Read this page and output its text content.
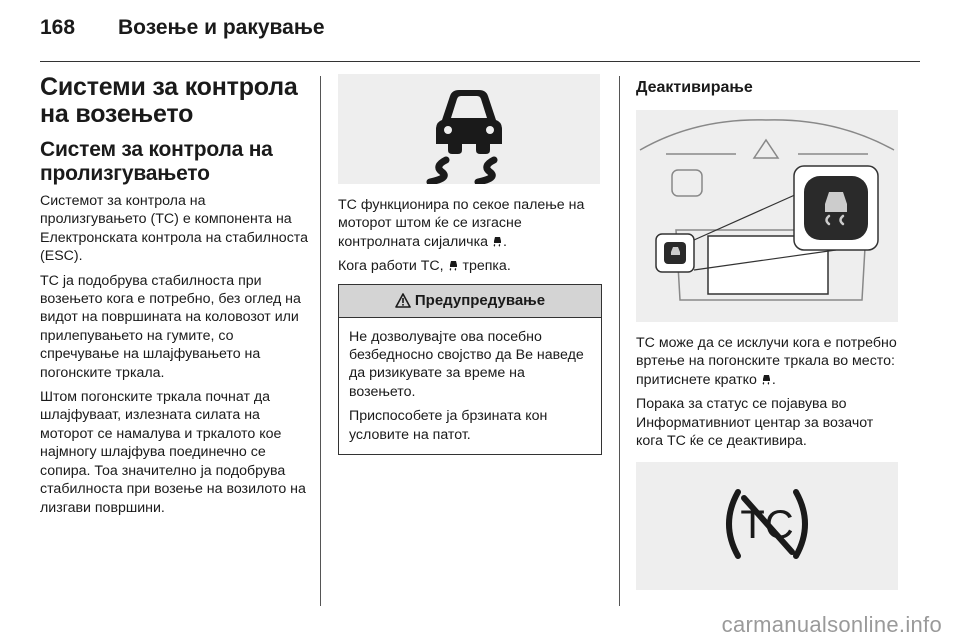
168 Возење и ракување
Системи за контрола на возењето
Систем за контрола на пролизгувањето

Системот за контрола на пролизгувањето (TC) е компонента на Електронската контрола на стабилноста (ESC).

TC ја подобрува стабилноста при возењето кога е потребно, без оглед на видот на површината на коловозот или прилепувањето на гумите, со спречување на шлајфувањето на погонските тркала.

Штом погонските тркала почнат да шлајфуваат, излезната силата на моторот се намалува и тркалото кое најмногу шлајфува поединечно се сопира. Тоа значително ја подобрува стабилноста при возење на возилото на лизгави површини.

TC функционира по секое палење на моторот штом ќе се изгасне контролната сијаличка .

Кога работи TC,  трепка.

Предупредување

Не дозволувајте ова посебно безбедносно својство да Ве наведе да ризикувате за време на возењето.

Приспособете ја брзината кон условите на патот.

Деактивирање

TC може да се исклучи кога е потребно вртење на погонските тркала во место: притиснете кратко .

Порака за статус се појавува во Информативниот центар за возачот кога TC ќе се деактивира.

TC
carmanualsonline.info
